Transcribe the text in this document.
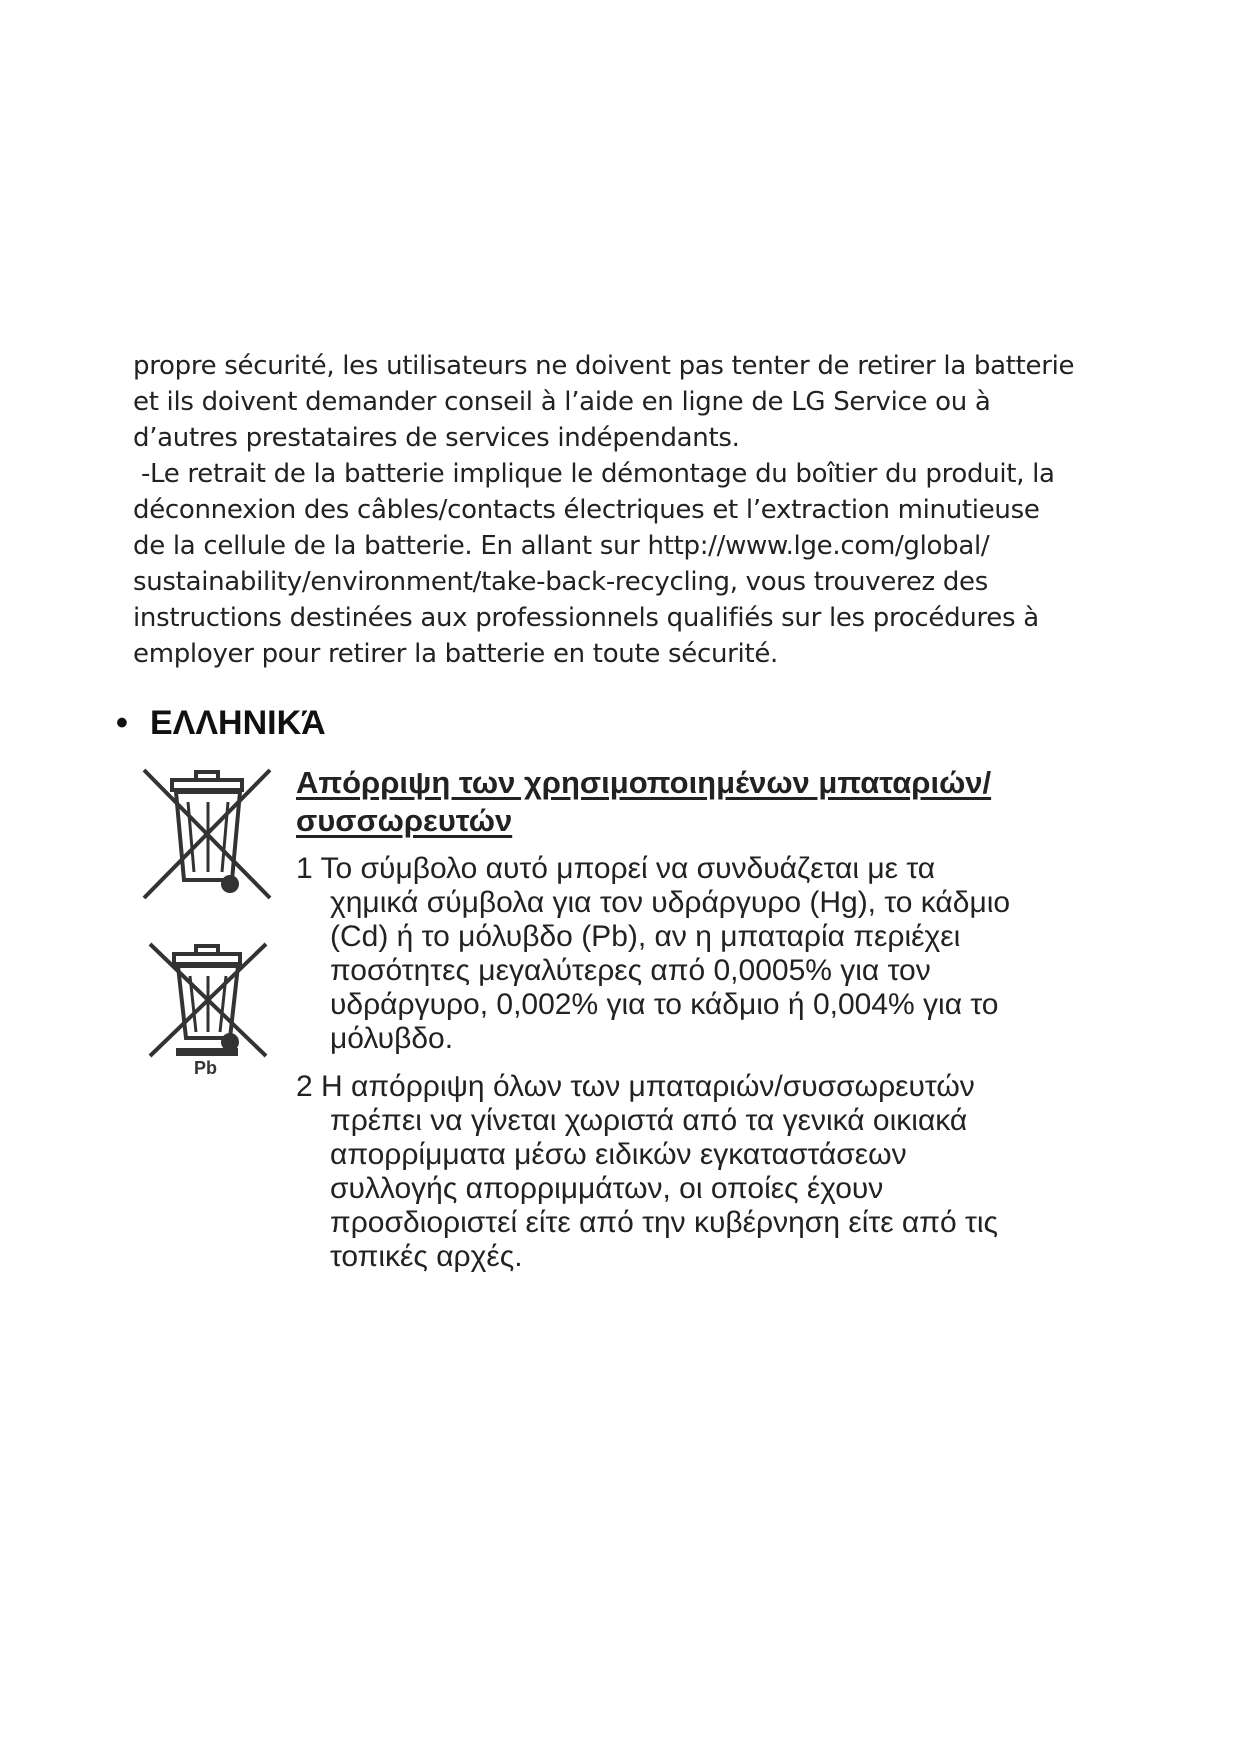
propre sécurité, les utilisateurs ne doivent pas tenter de retirer la batterie
et ils doivent demander conseil à l’aide en ligne de LG Service ou à
d’autres prestataires de services indépendants.
-Le retrait de la batterie implique le démontage du boîtier du produit, la
déconnexion des câbles/contacts électriques et l’extraction minutieuse
de la cellule de la batterie. En allant sur http://www.lge.com/global/
sustainability/environment/take-back-recycling, vous trouverez des
instructions destinées aux professionnels qualifiés sur les procédures à
employer pour retirer la batterie en toute sécurité.
• ΕΛΛΗΝΙΚΆ
Pb
Απόρριψη των χρησιμοποιημένων μπαταριών/
συσσωρευτών
1 Το σύμβολο αυτό μπορεί να συνδυάζεται με τα
χημικά σύμβολα για τον υδράργυρο (Hg), το κάδμιο
(Cd) ή το μόλυβδο (Pb), αν η μπαταρία περιέχει
ποσότητες μεγαλύτερες από 0,0005% για τον
υδράργυρο, 0,002% για το κάδμιο ή 0,004% για το
μόλυβδο.
2 Η απόρριψη όλων των μπαταριών/συσσωρευτών
πρέπει να γίνεται χωριστά από τα γενικά οικιακά
απορρίμματα μέσω ειδικών εγκαταστάσεων
συλλογής απορριμμάτων, οι οποίες έχουν
προσδιοριστεί είτε από την κυβέρνηση είτε από τις
τοπικές αρχές.
